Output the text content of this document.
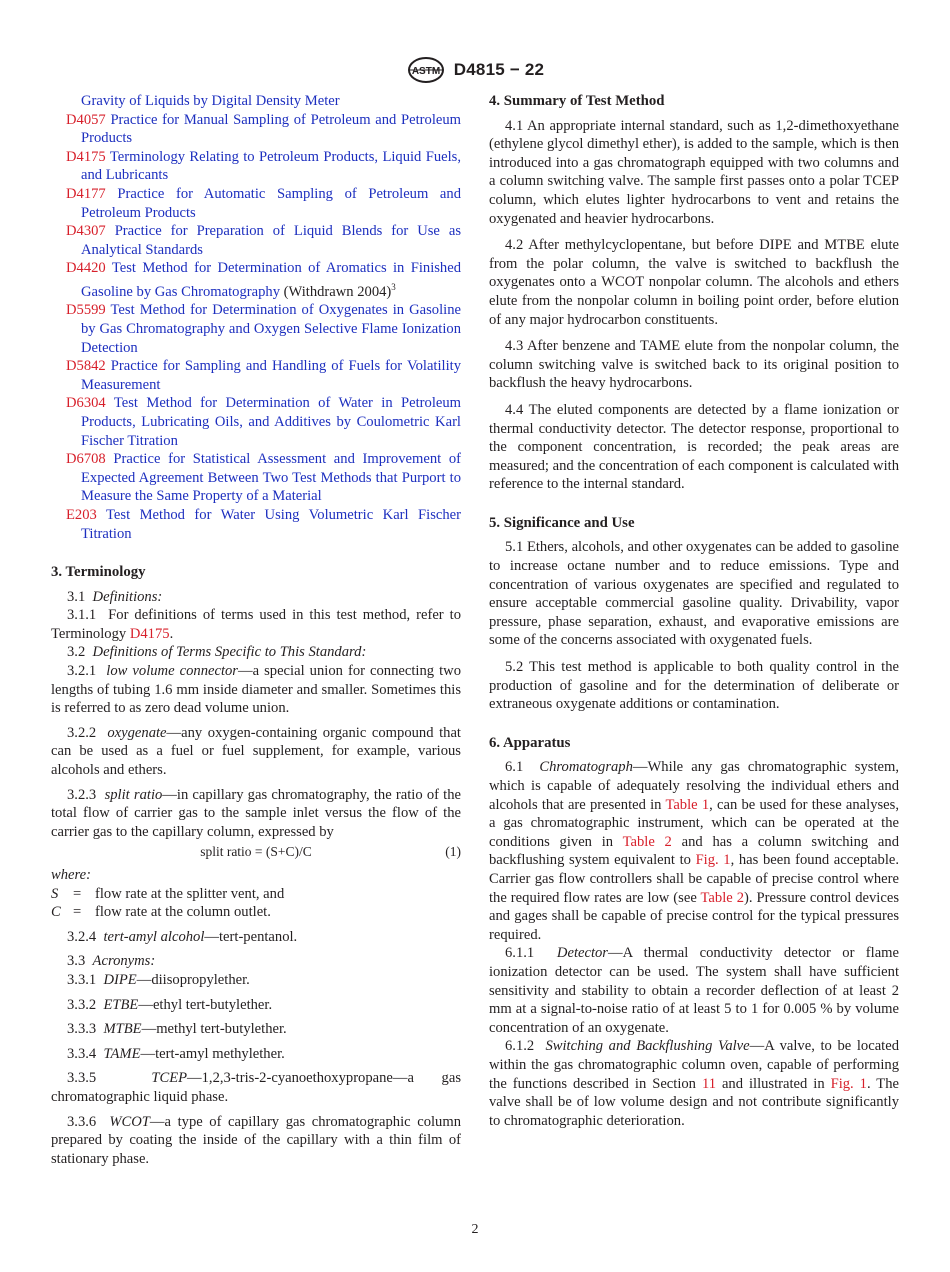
ASTM D4815 − 22

Gravity of Liquids by Digital Density Meter

D4057 Practice for Manual Sampling of Petroleum and Petroleum Products

D4175 Terminology Relating to Petroleum Products, Liquid Fuels, and Lubricants

D4177 Practice for Automatic Sampling of Petroleum and Petroleum Products

D4307 Practice for Preparation of Liquid Blends for Use as Analytical Standards

D4420 Test Method for Determination of Aromatics in Finished Gasoline by Gas Chromatography (Withdrawn 2004)$^3$

D5599 Test Method for Determination of Oxygenates in Gasoline by Gas Chromatography and Oxygen Selective Flame Ionization Detection

D5842 Practice for Sampling and Handling of Fuels for Volatility Measurement

D6304 Test Method for Determination of Water in Petroleum Products, Lubricating Oils, and Additives by Coulometric Karl Fischer Titration

D6708 Practice for Statistical Assessment and Improvement of Expected Agreement Between Two Test Methods that Purport to Measure the Same Property of a Material

E203 Test Method for Water Using Volumetric Karl Fischer Titration

3. Terminology

3.1 Definitions:

3.1.1 For definitions of terms used in this test method, refer to Terminology D4175.

3.2 Definitions of Terms Specific to This Standard:

3.2.1 low volume connector—a special union for connecting two lengths of tubing 1.6 mm inside diameter and smaller. Sometimes this is referred to as zero dead volume union.

3.2.2 oxygenate—any oxygen-containing organic compound that can be used as a fuel or fuel supplement, for example, various alcohols and ethers.

3.2.3 split ratio—in capillary gas chromatography, the ratio of the total flow of carrier gas to the sample inlet versus the flow of the carrier gas to the capillary column, expressed by

split ratio = (S+C)/C	(1)

where:

S	= flow rate at the splitter vent, and
C = flow rate at the column outlet.

3.2.4 tert-amyl alcohol—tert-pentanol.

3.3 Acronyms:

3.3.1 DIPE—diisopropylether.

3.3.2 ETBE—ethyl tert-butylether.

3.3.3 MTBE—methyl tert-butylether.

3.3.4 TAME—tert-amyl methylether.

3.3.5	TCEP—1,2,3-tris-2-cyanoethoxypropane—a gas chromatographic liquid phase.

3.3.6 WCOT—a type of capillary gas chromatographic column prepared by coating the inside of the capillary with a thin film of stationary phase.

4. Summary of Test Method

4.1 An appropriate internal standard, such as 1,2-dimethoxyethane (ethylene glycol dimethyl ether), is added to the sample, which is then introduced into a gas chromatograph equipped with two columns and a column switching valve. The sample first passes onto a polar TCEP column, which elutes lighter hydrocarbons to vent and retains the oxygenated and heavier hydrocarbons.

4.2 After methylcyclopentane, but before DIPE and MTBE elute from the polar column, the valve is switched to backflush the oxygenates onto a WCOT nonpolar column. The alcohols and ethers elute from the nonpolar column in boiling point order, before elution of any major hydrocarbon constituents.

4.3 After benzene and TAME elute from the nonpolar column, the column switching valve is switched back to its original position to backflush the heavy hydrocarbons.

4.4 The eluted components are detected by a flame ionization or thermal conductivity detector. The detector response, proportional to the component concentration, is recorded; the peak areas are measured; and the concentration of each component is calculated with reference to the internal standard.

5. Significance and Use

5.1 Ethers, alcohols, and other oxygenates can be added to gasoline to increase octane number and to reduce emissions. Type and concentration of various oxygenates are specified and regulated to ensure acceptable commercial gasoline quality. Drivability, vapor pressure, phase separation, exhaust, and evaporative emissions are some of the concerns associated with oxygenated fuels.

5.2 This test method is applicable to both quality control in the production of gasoline and for the determination of deliberate or extraneous oxygenate additions or contamination.

6. Apparatus

6.1 Chromatograph—While any gas chromatographic system, which is capable of adequately resolving the individual ethers and alcohols that are presented in Table 1, can be used for these analyses, a gas chromatographic instrument, which can be operated at the conditions given in Table 2 and has a column switching and backflushing system equivalent to Fig. 1, has been found acceptable. Carrier gas flow controllers shall be capable of precise control where the required flow rates are low (see Table 2). Pressure control devices and gages shall be capable of precise control for the typical pressures required.

6.1.1 Detector—A thermal conductivity detector or flame ionization detector can be used. The system shall have sufficient sensitivity and stability to obtain a recorder deflection of at least 2 mm at a signal-to-noise ratio of at least 5 to 1 for 0.005 % by volume concentration of an oxygenate.

6.1.2 Switching and Backflushing Valve—A valve, to be located within the gas chromatographic column oven, capable of performing the functions described in Section 11 and illustrated in Fig. 1. The valve shall be of low volume design and not contribute significantly to chromatographic deterioration.

2
